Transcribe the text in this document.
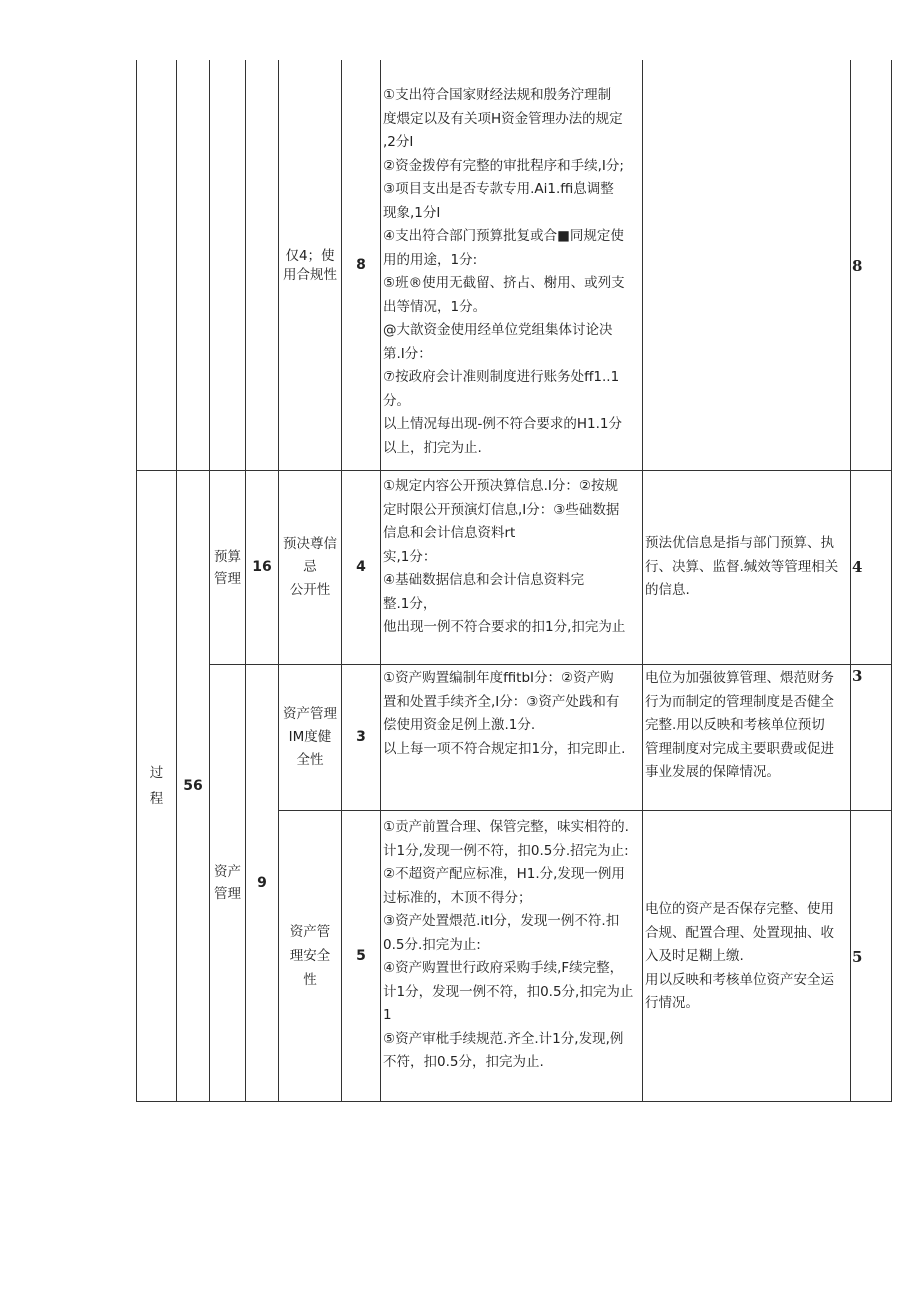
仅4；使
用合规性
8
①支出符合国家财经法规和殷务泞理制
度煨定以及有关项H资金管理办法的规定
,2分I
②资金拨停有完整的审批程序和手续,I分;
③项目支出是否专款专用.Ai1.ffi息调整
现象,1分I
④支出符合部门预算批复或合■同规定使
用的用途，1分:
⑤班®使用无截留、挤占、榭用、或列支
出等情况，1分。
@大歆资金使用经单位党组集体讨论决
第.I分：
⑦按政府会计准则制度进行账务处ff1..1
分。
以上情况每出现-例不符合要求的H1.1分
以上，扪完为止.
8
过
程
56
预算
管理
16
预决尊信
忌
公开性
4
①规定内容公开预决算信息.I分：②按规
定时限公开预演灯信息,I分：③些础数据
信息和会计信息资料rt
实,1分：
④基础数据信息和会计信息资料完
整.1分，
他出现一例不符合要求的扣1分,扣完为止
预法优信息是指与部门预算、执
行、决算、监督.缄效等管理相关
的信息.
4
资产
管理
9
资产管理
IM度健
全性
3
①资产购置编制年度ffitbI分：②资产购
置和处置手续齐全,I分：③资产处践和有
偿使用资金足例上激.1分.
以上每一项不符合规定扣1分，扣完即止.
电位为加强彼算管理、煨范财务
行为而制定的管理制度是否健全
完整.用以反映和考核单位预切
管理制度对完成主要职费或促进
事业发展的保障情况。
3
资产管
理安全
性
5
①贡产前置合理、保管完整，味实相符的.
计1分,发现一例不符，扣0.5分.招完为止:
②不超资产配应标准，H1.分,发现一例用
过标准的，木顶不得分；
③资产处置煨范.itI分，发现一例不符.扣
0.5分.扣完为止:
④资产购置世行政府采购手续,F续完整，
计1分，发现一例不符，扣0.5分,扣完为止
1
⑤资产审枇手续规范.齐全.计1分,发现,例
不符，扣0.5分，扣完为止.
电位的资产是否保存完整、使用
合规、配置合理、处置现抽、收
入及时足糊上缴.
用以反映和考核单位资产安全运
行情况。
5
